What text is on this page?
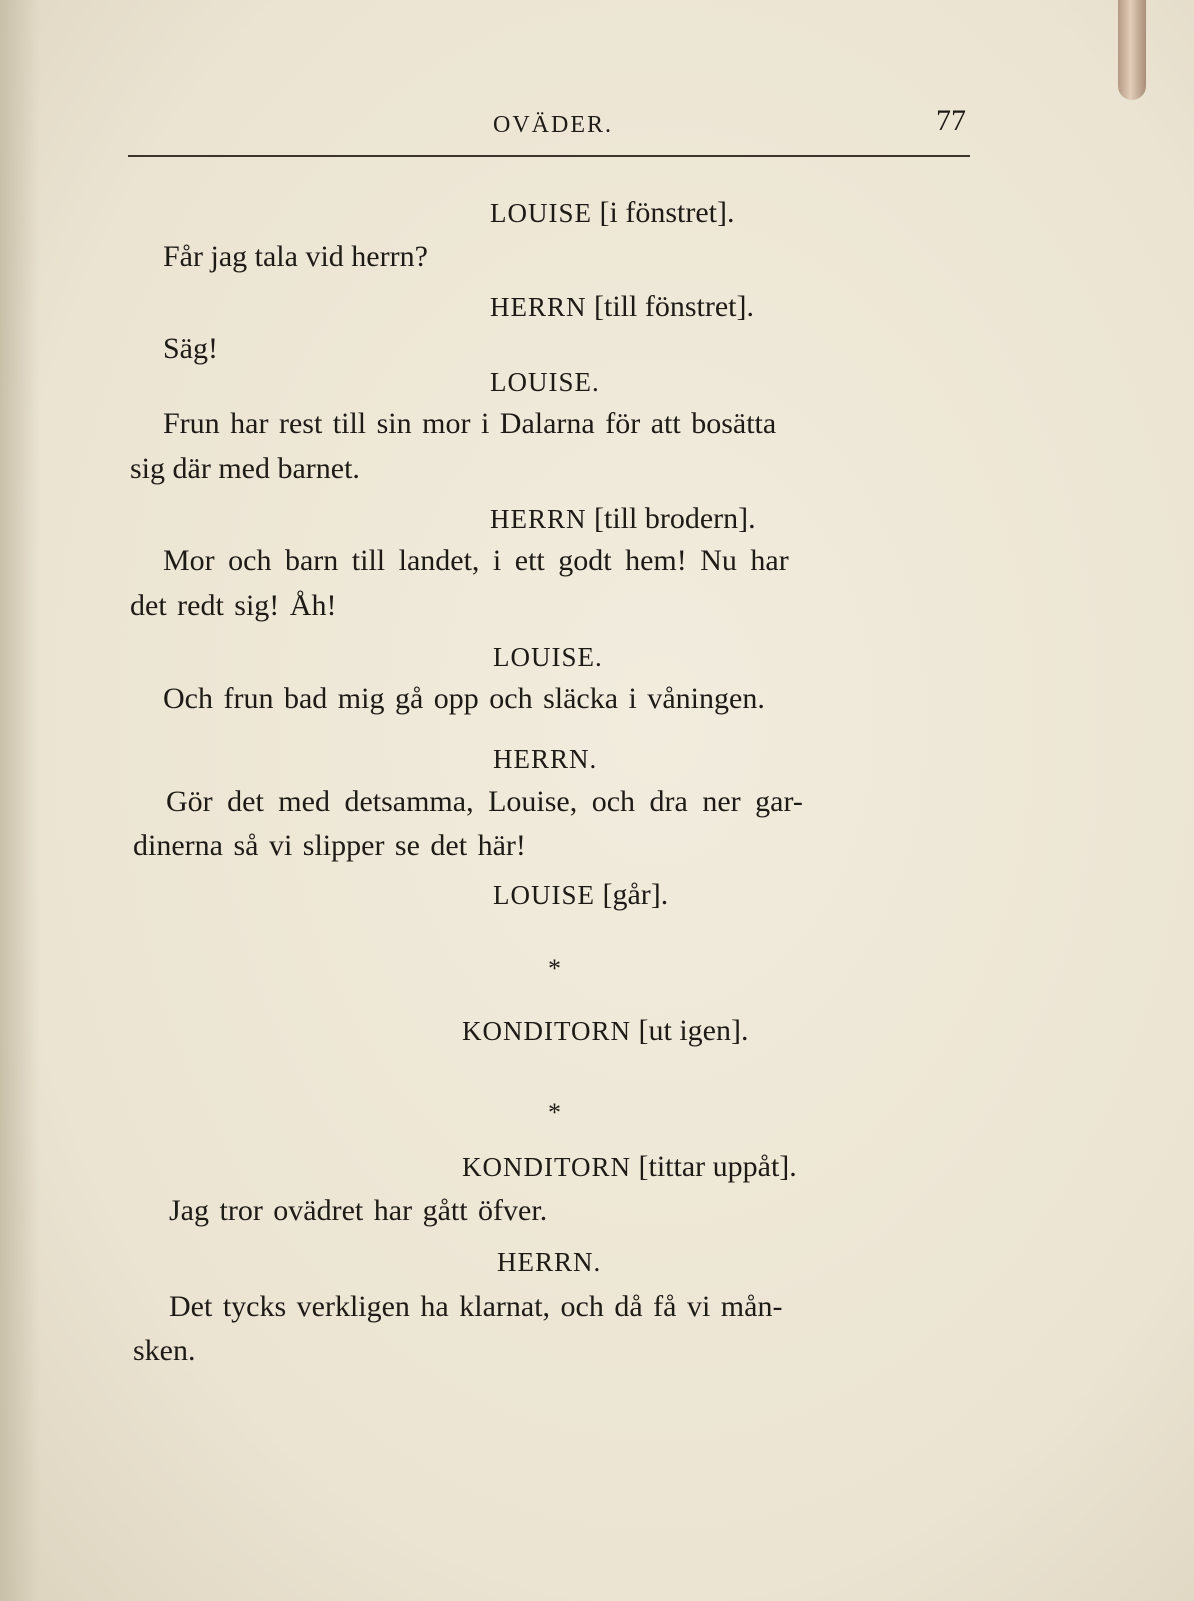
OVÄDER.	77
LOUISE [i fönstret].
Får jag tala vid herrn?
HERRN [till fönstret].
Säg!
LOUISE.
Frun har rest till sin mor i Dalarna för att bosätta
sig där med barnet.
HERRN [till brodern].
Mor och barn till landet, i ett godt hem! Nu har
det redt sig! Åh!
LOUISE.
Och frun bad mig gå opp och släcka i våningen.
HERRN.
Gör det med detsamma, Louise, och dra ner gar-
dinerna så vi slipper se det här!
LOUISE [går].
*
KONDITORN [ut igen].
*
KONDITORN [tittar uppåt].
Jag tror ovädret har gått öfver.
HERRN.
Det tycks verkligen ha klarnat, och då få vi mån-
sken.
